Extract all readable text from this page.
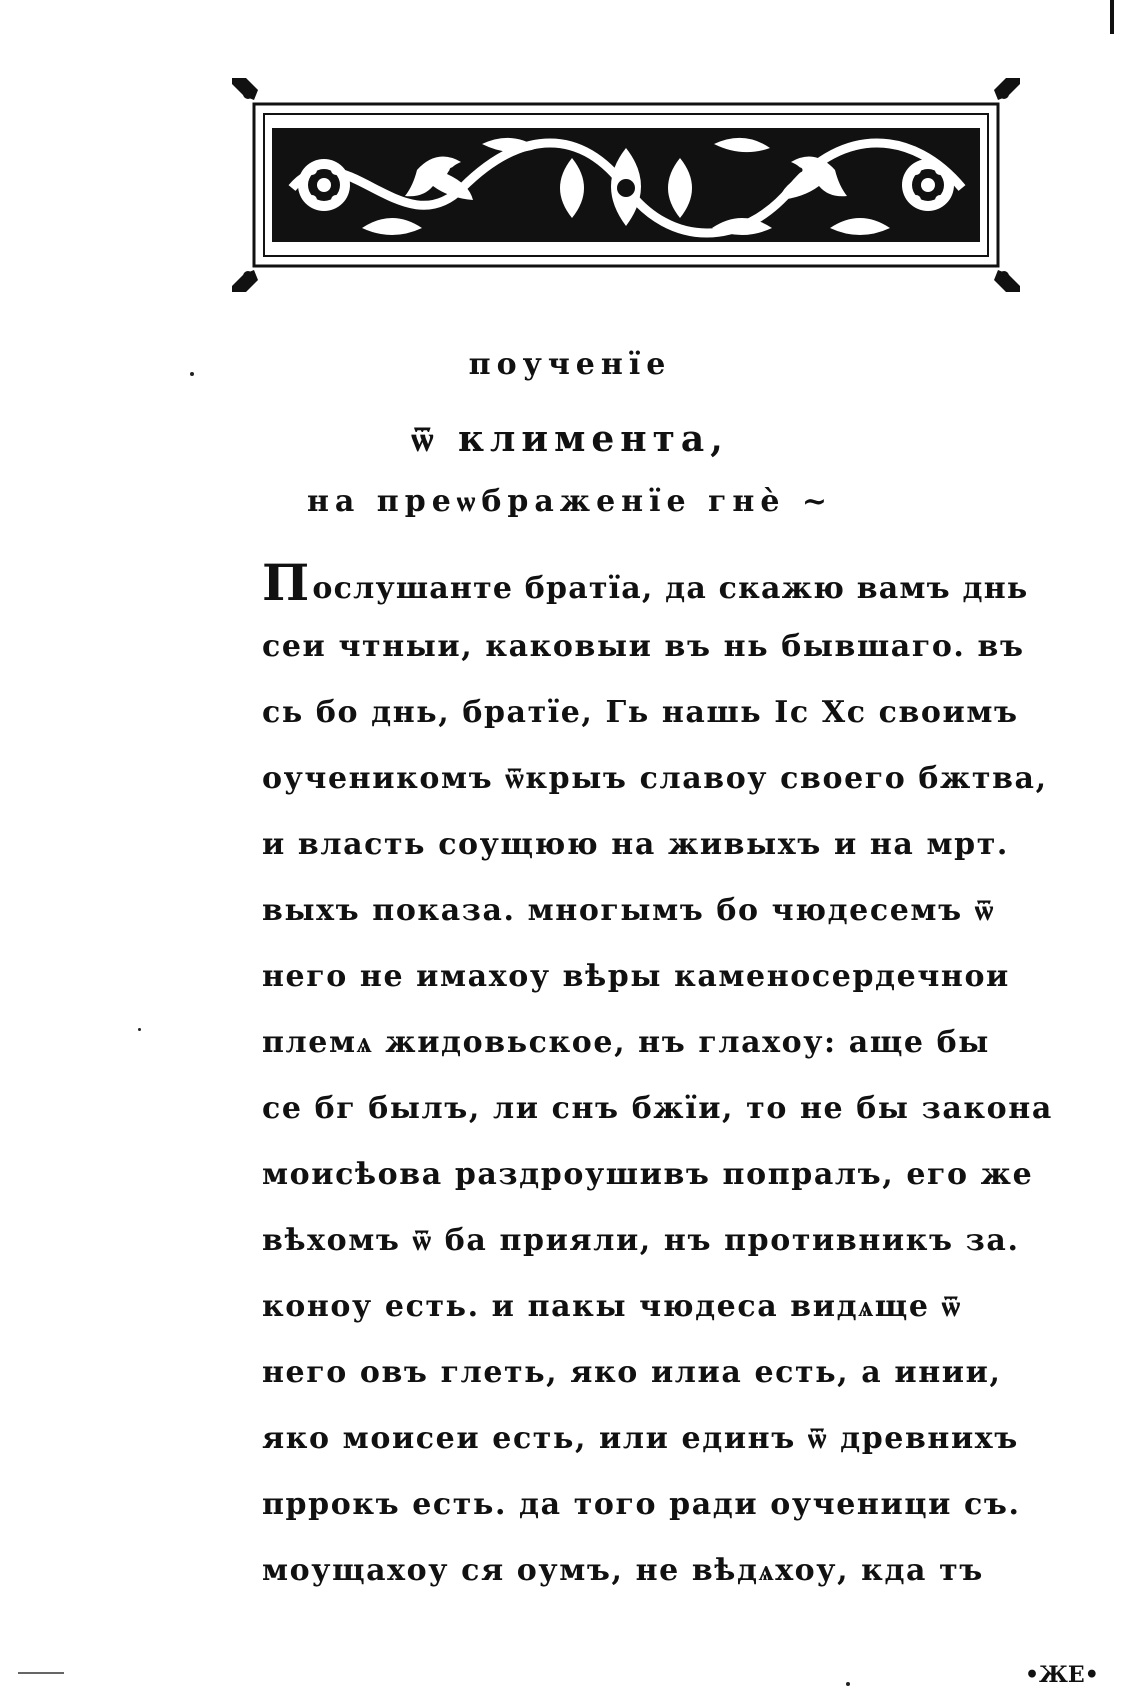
поученїе
ѿ климента,
на преѡбраженїе гнѐ ~
Послушанте братїа, да скажю вамъ днь
сеи чтныи, каковыи въ нь бывшаго. въ
сь бо днь, братїе, Гь нашь Іс Хс своимъ
оученикомъ ѿкрыъ славоу своего бжтва,
и власть соущюю на живыхъ и на мрт.
выхъ показа. многымъ бо чюдесемъ ѿ
него не имахоу вѣры каменосердечнои
племѧ жидовьское, нъ глахоу: аще бы
се бг былъ, ли снъ бжїи, то не бы закона
моисѣова раздроушивъ попралъ, его же
вѣхомъ ѿ ба прияли, нъ противникъ за.
коноу есть. и пакы чюдеса видѧще ѿ
него овъ глеть, яко илиа есть, а инии,
яко моисеи есть, или единъ ѿ древнихъ
пррокъ есть. да того ради оученици съ.
моущахоу ся оумъ, не вѣдѧхоу, кда тъ
•ЖЕ•
